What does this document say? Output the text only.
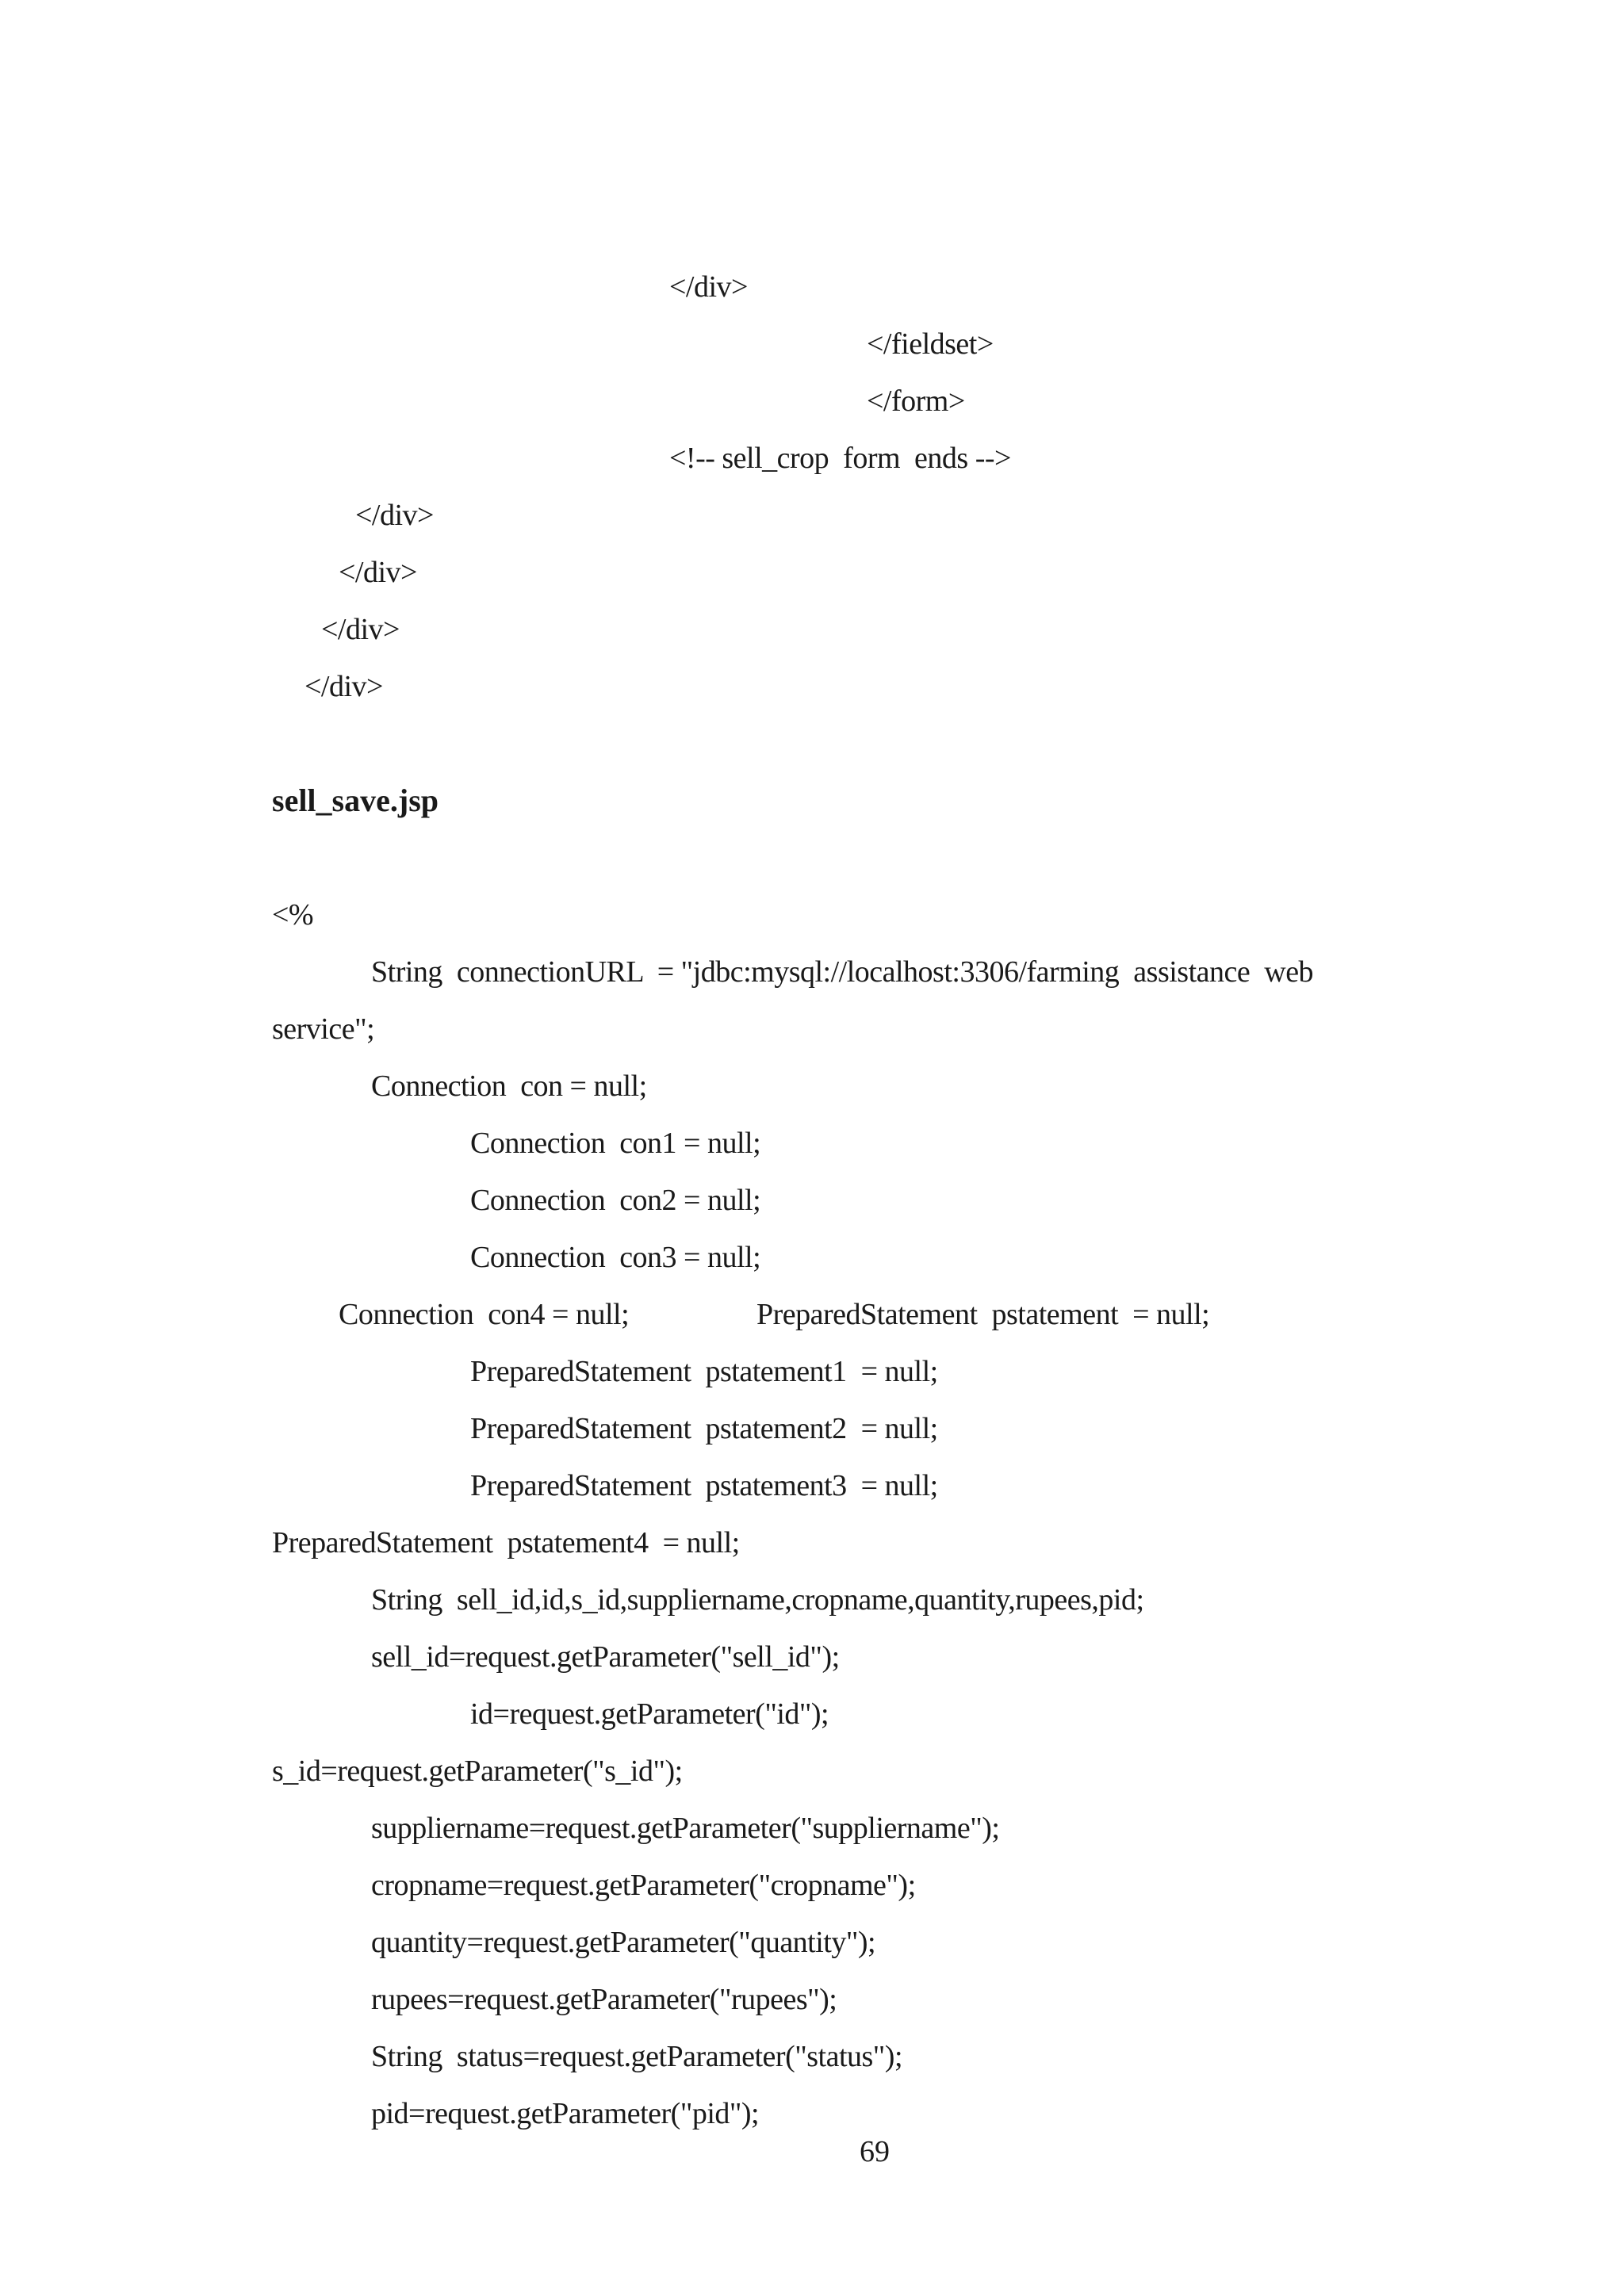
</div>
</fieldset>
</form>
<!-- sell_crop  form  ends -->
</div>
</div>
</div>
</div>
sell_save.jsp
<%
String  connectionURL  = "jdbc:mysql://localhost:3306/farming  assistance  web
service";
Connection  con = null;
Connection  con1 = null;
Connection  con2 = null;
Connection  con3 = null;
Connection  con4 = null;	PreparedStatement  pstatement  = null;
PreparedStatement  pstatement1  = null;
PreparedStatement  pstatement2  = null;
PreparedStatement  pstatement3  = null;
PreparedStatement  pstatement4  = null;
String  sell_id,id,s_id,suppliername,cropname,quantity,rupees,pid;
sell_id=request.getParameter("sell_id");
id=request.getParameter("id");
s_id=request.getParameter("s_id");
suppliername=request.getParameter("suppliername");
cropname=request.getParameter("cropname");
quantity=request.getParameter("quantity");
rupees=request.getParameter("rupees");
String  status=request.getParameter("status");
pid=request.getParameter("pid");
69
